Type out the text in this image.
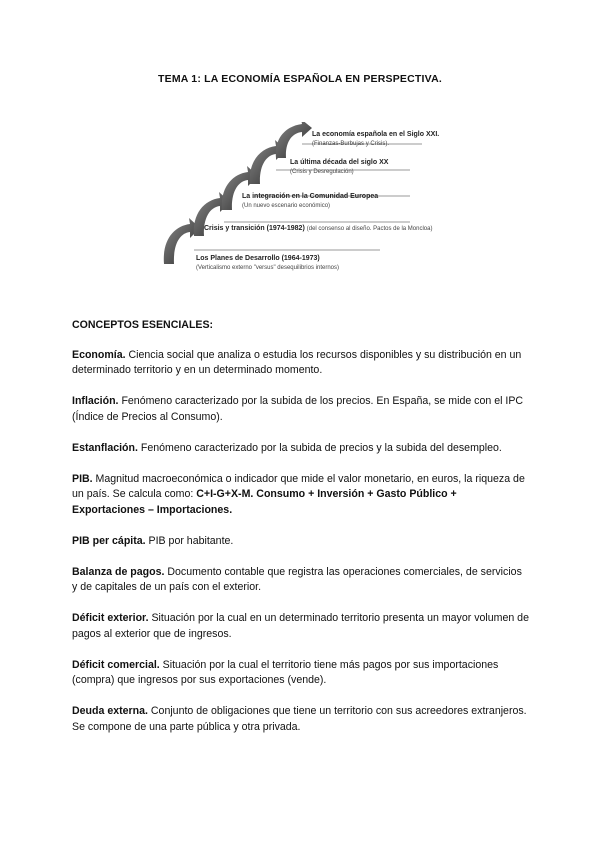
TEMA 1: LA ECONOMÍA ESPAÑOLA EN PERSPECTIVA.
La economía española en el Siglo XXI.
(Finanzas-Burbujas y Crisis).
La última década del siglo XX
(Crisis y Desregulación)
La integración en la Comunidad Europea
(Un nuevo escenario económico)
Crisis y transición (1974-1982) (del consenso al diseño. Pactos de la Moncloa)
Los Planes de Desarrollo (1964-1973)
(Verticalismo externo "versus" desequilibrios internos)
CONCEPTOS ESENCIALES:
Economía. Ciencia social que analiza o estudia los recursos disponibles y su distribución en un determinado territorio y en un determinado momento.
Inflación. Fenómeno caracterizado por la subida de los precios. En España, se mide con el IPC (Índice de Precios al Consumo).
Estanflación. Fenómeno caracterizado por la subida de precios y la subida del desempleo.
PIB. Magnitud macroeconómica o indicador que mide el valor monetario, en euros, la riqueza de un país. Se calcula como: C+I-G+X-M. Consumo + Inversión + Gasto Público + Exportaciones – Importaciones.
PIB per cápita. PIB por habitante.
Balanza de pagos. Documento contable que registra las operaciones comerciales, de servicios y de capitales de un país con el exterior.
Déficit exterior. Situación por la cual en un determinado territorio presenta un mayor volumen de pagos al exterior que de ingresos.
Déficit comercial. Situación por la cual el territorio tiene más pagos por sus importaciones (compra) que ingresos por sus exportaciones (vende).
Deuda externa. Conjunto de obligaciones que tiene un territorio con sus acreedores extranjeros. Se compone de una parte pública y otra privada.
